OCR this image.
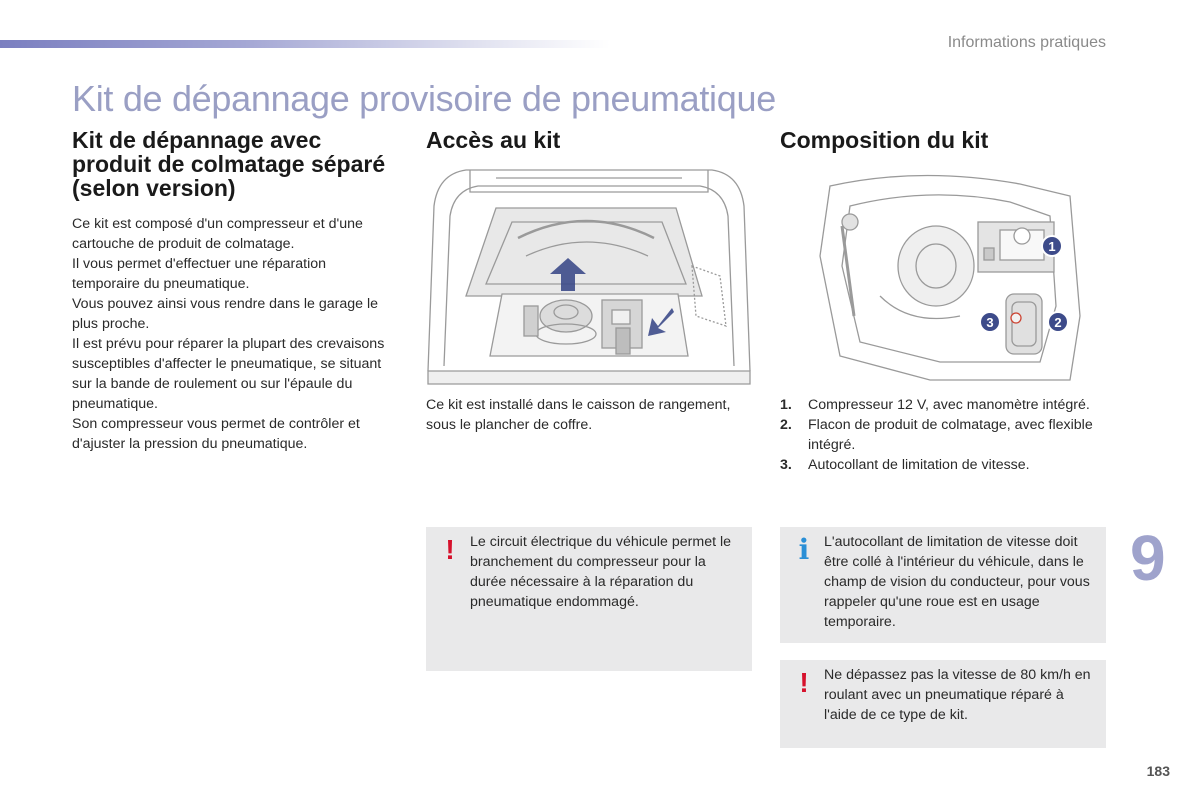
Informations pratiques
Kit de dépannage provisoire de pneumatique
Kit de dépannage avec produit de colmatage séparé (selon version)

Ce kit est composé d'un compresseur et d'une cartouche de produit de colmatage.

Il vous permet d'effectuer une réparation temporaire du pneumatique.

Vous pouvez ainsi vous rendre dans le garage le plus proche.

Il est prévu pour réparer la plupart des crevaisons susceptibles d'affecter le pneumatique, se situant sur la bande de roulement ou sur l'épaule du pneumatique.

Son compresseur vous permet de contrôler et d'ajuster la pression du pneumatique.

Accès au kit
Ce kit est installé dans le caisson de rangement, sous le plancher de coffre.
!	Le circuit électrique du véhicule permet le branchement du compresseur pour la durée nécessaire à la réparation du pneumatique endommagé.
Composition du kit
1
2
3
1.	Compresseur 12 V, avec manomètre intégré.
2.	Flacon de produit de colmatage, avec flexible intégré.
3.	Autocollant de limitation de vitesse.
i	L'autocollant de limitation de vitesse doit être collé à l'intérieur du véhicule, dans le champ de vision du conducteur, pour vous rappeler qu'une roue est en usage temporaire.
!	Ne dépassez pas la vitesse de 80 km/h en roulant avec un pneumatique réparé à l'aide de ce type de kit.
9
183
